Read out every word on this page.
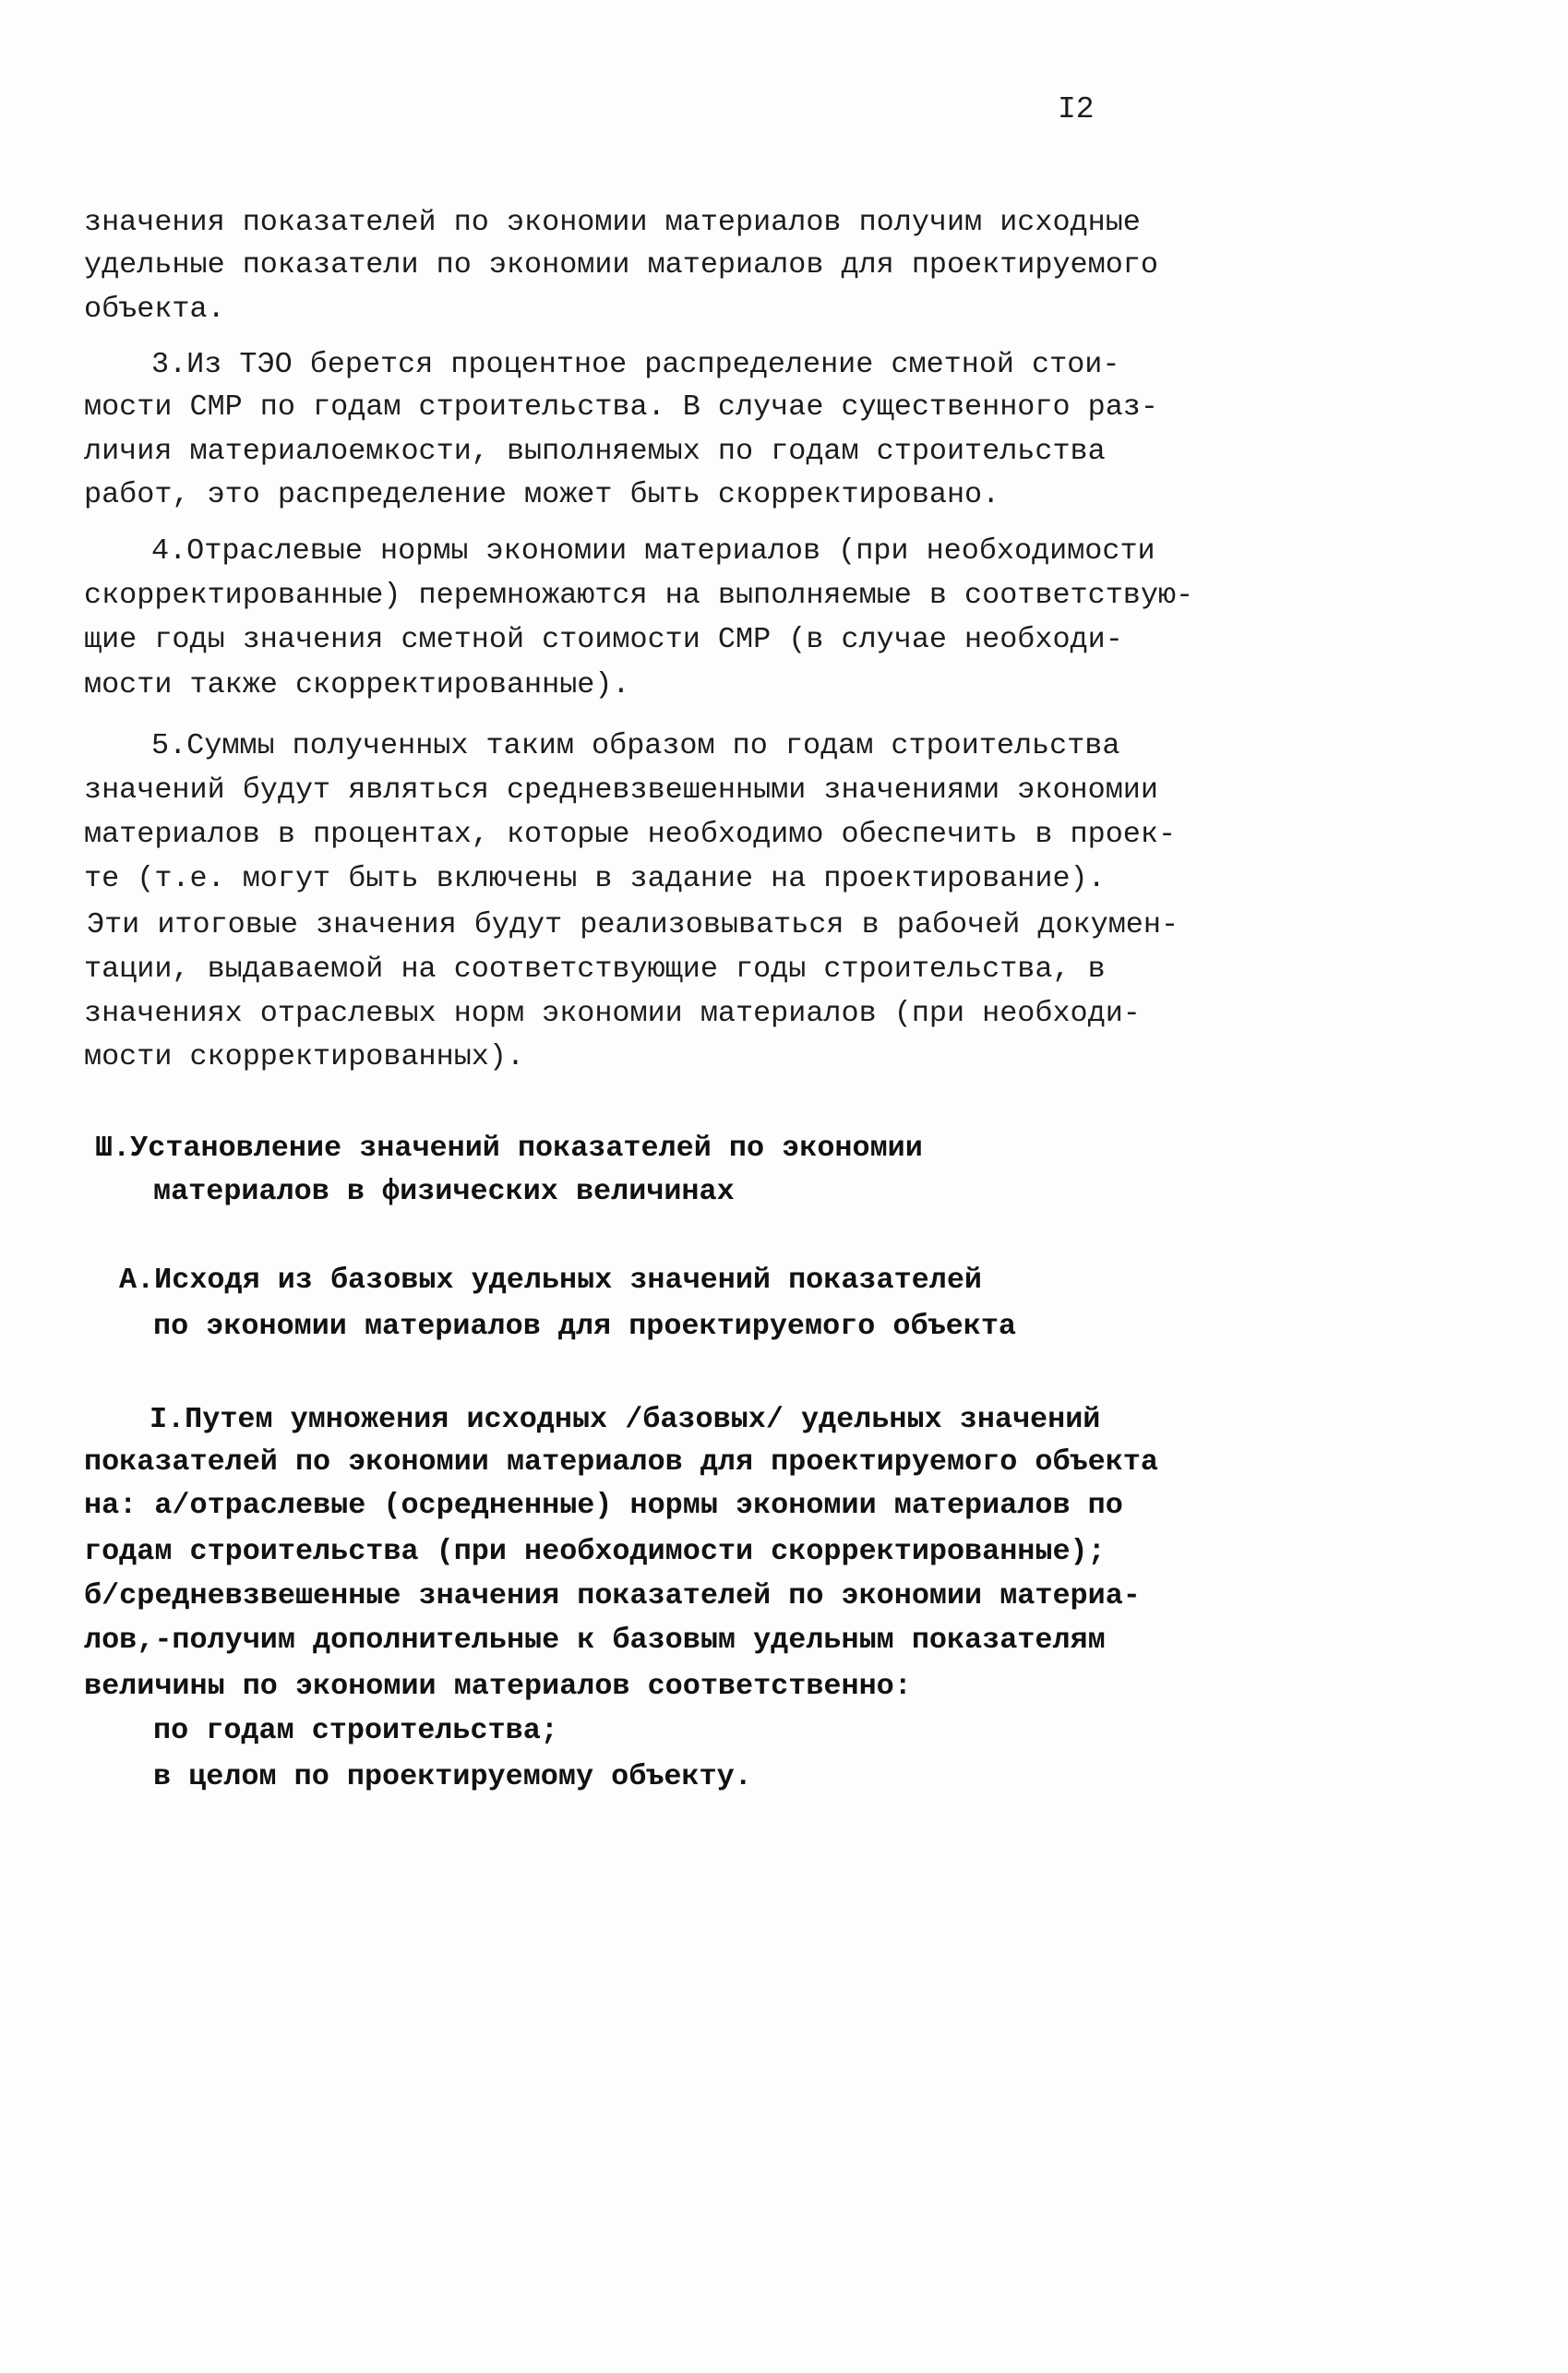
I2
значения показателей по экономии материалов получим исходные
удельные показатели по экономии материалов для проектируемого
объекта.
3.Из ТЭО берется процентное распределение сметной стои-
мости СМР по годам строительства. В случае существенного раз-
личия материалоемкости, выполняемых по годам строительства
работ, это распределение может быть скорректировано.
4.Отраслевые нормы экономии материалов (при необходимости
скорректированные) перемножаются на выполняемые в соответствую-
щие годы значения сметной стоимости СМР (в случае необходи-
мости также скорректированные).
5.Суммы полученных таким образом по годам строительства
значений будут являться средневзвешенными значениями экономии
материалов в процентах, которые необходимо обеспечить в проек-
те (т.е. могут быть включены в задание на проектирование).
Эти итоговые значения будут реализовываться в рабочей докумен-
тации, выдаваемой на соответствующие годы строительства, в
значениях отраслевых норм экономии материалов (при необходи-
мости скорректированных).
Ш.Установление значений показателей по экономии
материалов в физических величинах
А.Исходя из базовых удельных значений показателей
по экономии материалов для проектируемого объекта
I.Путем умножения исходных /базовых/ удельных значений
показателей по экономии материалов для проектируемого объекта
на: а/отраслевые (осредненные) нормы экономии материалов по
годам строительства (при необходимости скорректированные);
б/средневзвешенные значения показателей по экономии материа-
лов,-получим дополнительные к базовым удельным показателям
величины по экономии материалов соответственно:
по годам строительства;
в целом по проектируемому объекту.
